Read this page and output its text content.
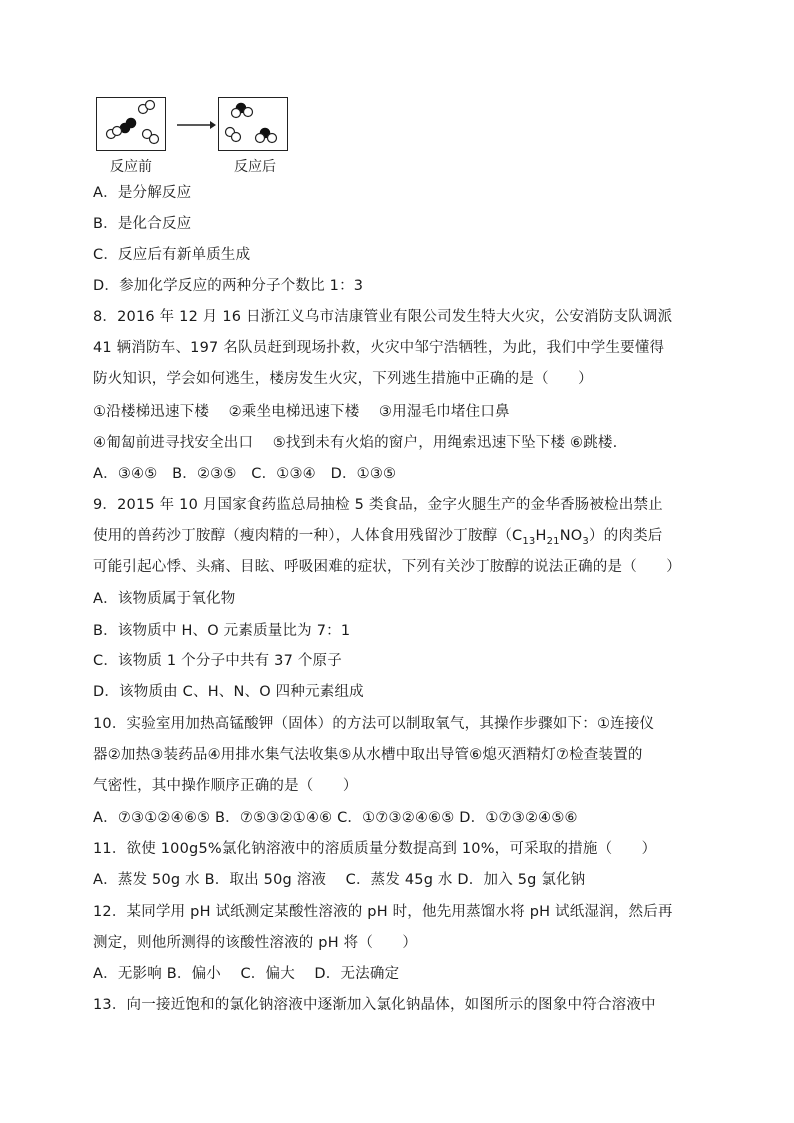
反应前	反应后
A．是分解反应
B．是化合反应
C．反应后有新单质生成
D．参加化学反应的两种分子个数比 1：3
8．2016 年 12 月 16 日浙江义乌市洁康管业有限公司发生特大火灾，公安消防支队调派
41 辆消防车、197 名队员赶到现场扑救，火灾中邹宁浩牺牲，为此，我们中学生要懂得
防火知识，学会如何逃生，楼房发生火灾，下列逃生措施中正确的是（　　）
①沿楼梯迅速下楼　 ②乘坐电梯迅速下楼　 ③用湿毛巾堵住口鼻
④匍匐前进寻找安全出口　 ⑤找到未有火焰的窗户，用绳索迅速下坠下楼 ⑥跳楼.
A．③④⑤　B．②③⑤　C．①③④　D．①③⑤
9．2015 年 10 月国家食药监总局抽检 5 类食品，金字火腿生产的金华香肠被检出禁止
使用的兽药沙丁胺醇（瘦肉精的一种），人体食用残留沙丁胺醇$(C_{13}H_{21}NO_3)$的肉类后
可能引起心悸、头痛、目眩、呼吸困难的症状，下列有关沙丁胺醇的说法正确的是（　　）
A．该物质属于氧化物
B．该物质中 H、O 元素质量比为 7：1
C．该物质 1 个分子中共有 37 个原子
D．该物质由 C、H、N、O 四种元素组成
10．实验室用加热高锰酸钾（固体）的方法可以制取氧气，其操作步骤如下：①连接仪
器②加热③装药品④用排水集气法收集⑤从水槽中取出导管⑥熄灭酒精灯⑦检查装置的
气密性，其中操作顺序正确的是（　　）
A．⑦③①②④⑥⑤ B．⑦⑤③②①④⑥ C．①⑦③②④⑥⑤ D．①⑦③②④⑤⑥
11．欲使 100g5%氯化钠溶液中的溶质质量分数提高到 10%，可采取的措施（　　）
A．蒸发 50g 水 B．取出 50g 溶液　 C．蒸发 45g 水 D．加入 5g 氯化钠
12．某同学用 pH 试纸测定某酸性溶液的 pH 时，他先用蒸馏水将 pH 试纸湿润，然后再
测定，则他所测得的该酸性溶液的 pH 将（　　）
A．无影响 B．偏小　 C．偏大　 D．无法确定
13．向一接近饱和的氯化钠溶液中逐渐加入氯化钠晶体，如图所示的图象中符合溶液中
